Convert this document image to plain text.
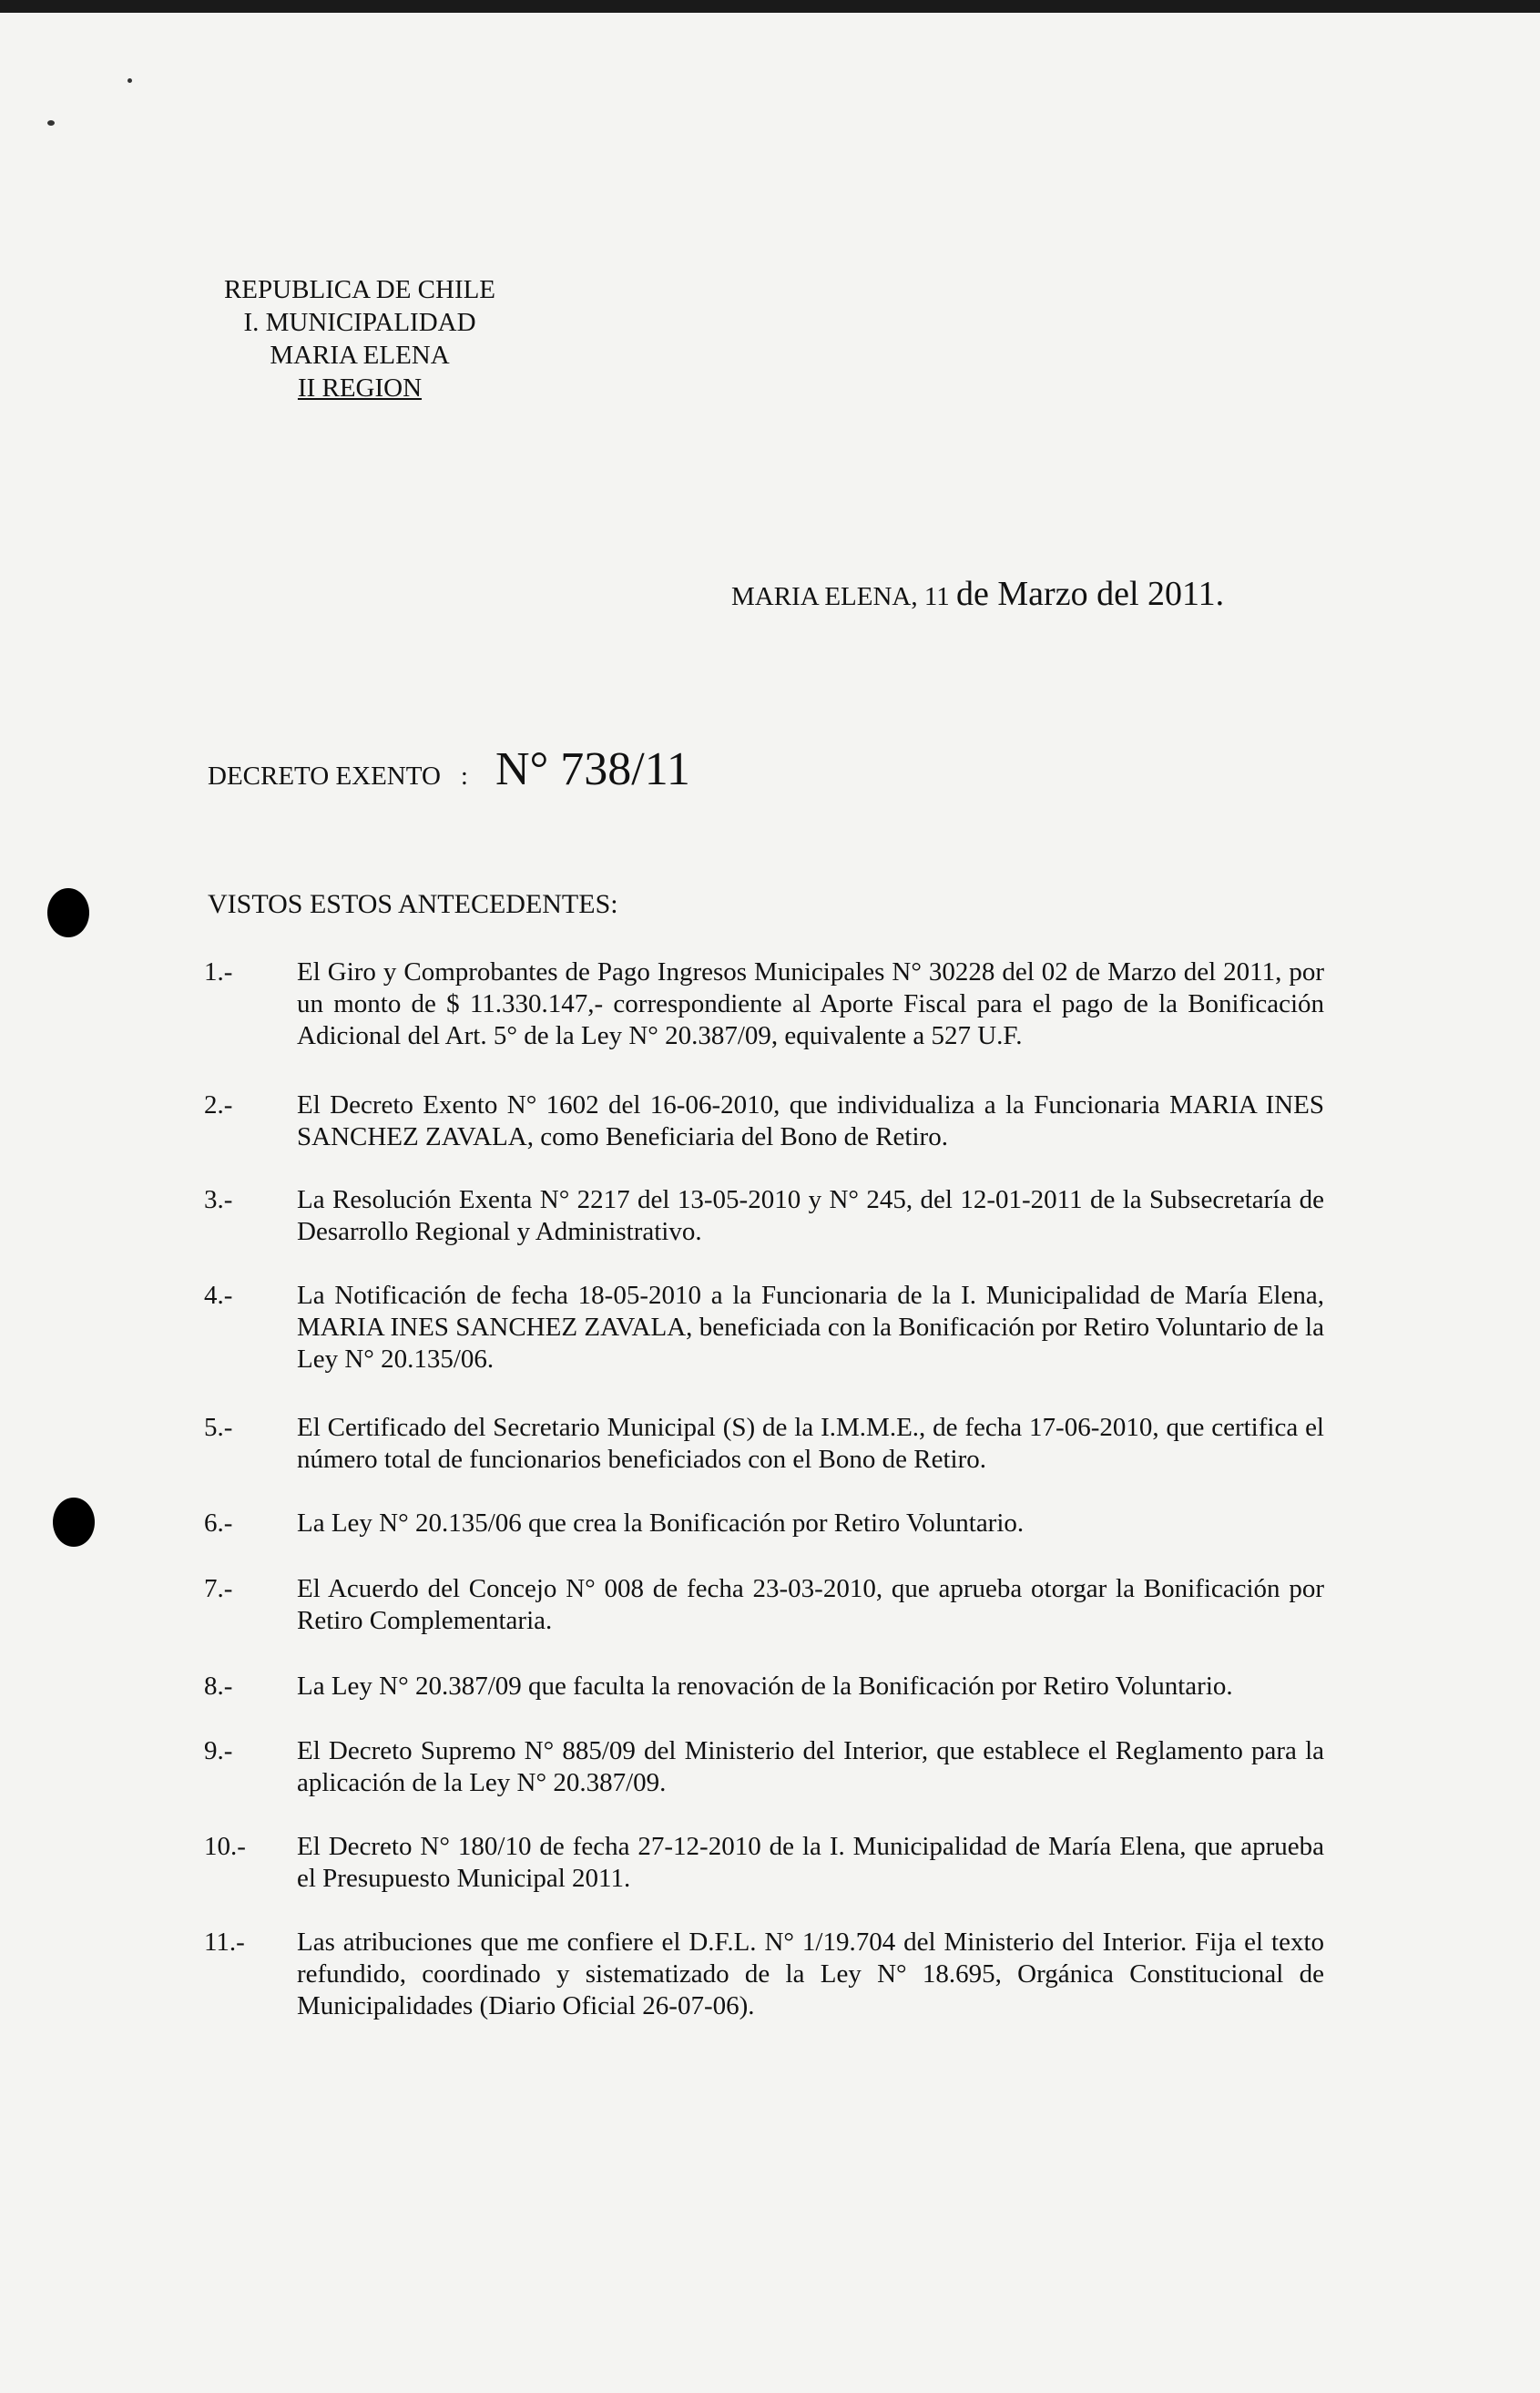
REPUBLICA DE CHILE
I. MUNICIPALIDAD
MARIA ELENA
II REGION
MARIA ELENA, 11 de Marzo del 2011.
DECRETO EXENTO : N° 738/11
VISTOS ESTOS ANTECEDENTES:
1.-	El Giro y Comprobantes de Pago Ingresos Municipales N° 30228 del 02 de Marzo del 2011, por un monto de $ 11.330.147,- correspondiente al Aporte Fiscal para el pago de la Bonificación Adicional del Art. 5° de la Ley N° 20.387/09, equivalente a 527 U.F.
2.-	El Decreto Exento N° 1602 del 16-06-2010, que individualiza a la Funcionaria MARIA INES SANCHEZ ZAVALA, como Beneficiaria del Bono de Retiro.
3.-	La Resolución Exenta N° 2217 del 13-05-2010 y N° 245, del 12-01-2011 de la Subsecretaría de Desarrollo Regional y Administrativo.
4.-	La Notificación de fecha 18-05-2010 a la Funcionaria de la I. Municipalidad de María Elena, MARIA INES SANCHEZ ZAVALA, beneficiada con la Bonificación por Retiro Voluntario de la Ley N° 20.135/06.
5.-	El Certificado del Secretario Municipal (S) de la I.M.M.E., de fecha 17-06-2010, que certifica el número total de funcionarios beneficiados con el Bono de Retiro.
6.-	La Ley N° 20.135/06 que crea la Bonificación por Retiro Voluntario.
7.-	El Acuerdo del Concejo N° 008 de fecha 23-03-2010, que aprueba otorgar la Bonificación por Retiro Complementaria.
8.-	La Ley N° 20.387/09 que faculta la renovación de la Bonificación por Retiro Voluntario.
9.-	El Decreto Supremo N° 885/09 del Ministerio del Interior, que establece el Reglamento para la aplicación de la Ley N° 20.387/09.
10.-	El Decreto N° 180/10 de fecha 27-12-2010 de la I. Municipalidad de María Elena, que aprueba el Presupuesto Municipal 2011.
11.-	Las atribuciones que me confiere el D.F.L. N° 1/19.704 del Ministerio del Interior. Fija el texto refundido, coordinado y sistematizado de la Ley N° 18.695, Orgánica Constitucional de Municipalidades (Diario Oficial 26-07-06).
